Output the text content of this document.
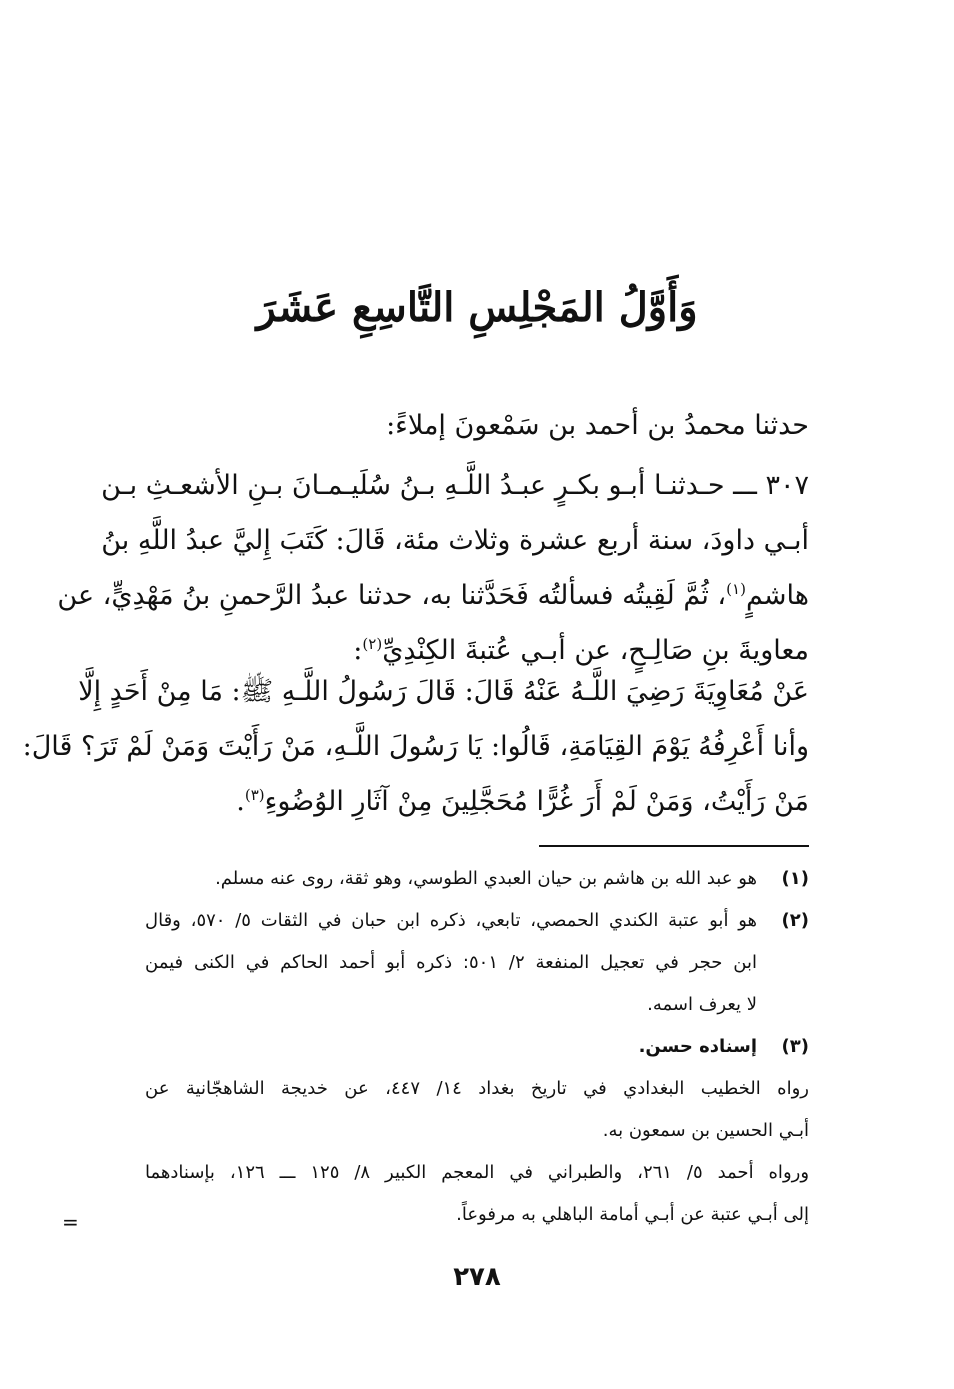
وَأَوَّلُ المَجْلِسِ التَّاسِعِ عَشَرَ
حدثنا محمدُ بن أحمد بن سَمْعونَ إملاءً:
٣٠٧ ـــ حـدثنـا أبـو بكـرٍ عبـدُ اللَّـهِ بـنُ سُلَيـمـانَ بـنِ الأشعـثِ بـن
أبـي داودَ، سنة أربع عشرة وثلاث مئة، قَالَ: كَتَبَ إِليَّ عبدُ اللَّهِ بنُ
هاشمٍ$^{(١)}$، ثُمَّ لَقِيتُه فسألتُه فَحَدَّثنا به، حدثنا عبدُ الرَّحمنِ بنُ مَهْدِيٍّ، عن
معاويةَ بنِ صَالِـحٍ، عن أبـي عُتبةَ الكِنْدِيِّ$^{(٢)}$:
عَنْ مُعَاوِيَةَ رَضِيَ اللَّـهُ عَنْهُ قَالَ: قَالَ رَسُولُ اللَّـهِ ﷺ: مَا مِنْ أَحَدٍ إِلَّا
وأنا أَعْرِفُهُ يَوْمَ القِيَامَةِ، قَالُوا: يَا رَسُولَ اللَّـهِ، مَنْ رَأَيْتَ وَمَنْ لَمْ تَرَ؟ قَالَ:
مَنْ رَأَيْتُ، وَمَنْ لَمْ أَرَ غُرًّا مُحَجَّلِينَ مِنْ آثَارِ الوُضُوءِ$^{(٣)}$.
(١)
هو عبد الله بن هاشم بن حيان العبدي الطوسي، وهو ثقة، روى عنه مسلم.
(٢)
هو أبو عتبة الكندي الحمصي، تابعي، ذكره ابن حبان في الثقات ٥/ ٥٧٠، وقال
ابن حجر في تعجيل المنفعة ٢/ ٥٠١: ذكره أبو أحمد الحاكم في الكنى فيمن
لا يعرف اسمه.
(٣)
إسناده حسن.
رواه الخطيب البغدادي في تاريخ بغداد ١٤/ ٤٤٧، عن خديجة الشاهجّانية عن
أبـي الحسين بن سمعون به.
ورواه أحمد ٥/ ٢٦١، والطبراني في المعجم الكبير ٨/ ١٢٥ ـــ ١٢٦، بإسنادهما
إلى أبـي عتبة عن أبـي أمامة الباهلي به مرفوعاً.
=
٢٧٨
